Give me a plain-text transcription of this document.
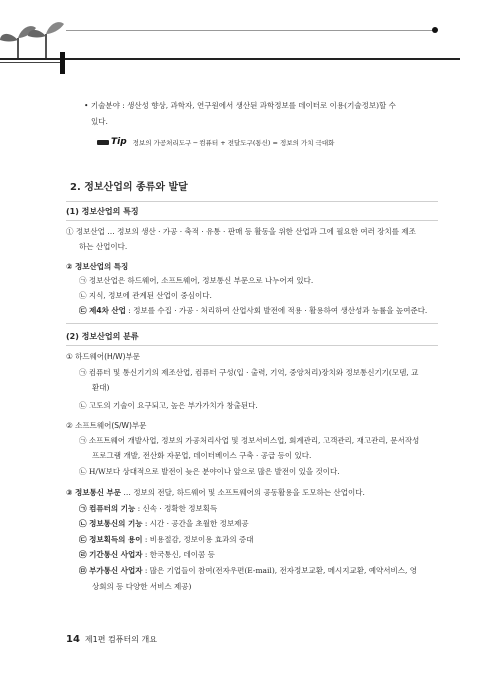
• 기술분야 : 생산성 향상, 과학자, 연구원에서 생산된 과학정보를 데이터로 이용(기술정보)할 수
있다.
Tip 정보의 가공처리도구 ─ 컴퓨터 + 전달도구(통신) = 정보의 가치 극대화
2. 정보산업의 종류와 발달
(1) 정보산업의 특징
① 정보산업 … 정보의 생산 · 가공 · 축적 · 유통 · 판매 등 활동을 위한 산업과 그에 필요한 여러 장치를 제조
하는 산업이다.
② 정보산업의 특징
㉠ 정보산업은 하드웨어, 소프트웨어, 정보통신 부문으로 나누어져 있다.
㉡ 지식, 정보에 관계된 산업이 중심이다.
㉢ 제4차 산업 : 정보를 수집 · 가공 · 처리하여 산업사회 발전에 적용 · 활용하여 생산성과 능률을 높여준다.
(2) 정보산업의 분류
① 하드웨어(H/W)부문
㉠ 컴퓨터 및 통신기기의 제조산업, 컴퓨터 구성(입 · 출력, 기억, 중앙처리)장치와 정보통신기기(모뎀, 교
환대)
㉡ 고도의 기술이 요구되고, 높은 부가가치가 창출된다.
② 소프트웨어(S/W)부문
㉠ 소프트웨어 개발사업, 정보의 가공처리사업 및 정보서비스업, 회계관리, 고객관리, 재고관리, 문서작성
프로그램 개발, 전산화 자문업, 데이터베이스 구축 · 공급 등이 있다.
㉡ H/W보다 상대적으로 발전이 늦은 분야이나 앞으로 많은 발전이 있을 것이다.
③ 정보통신 부문 … 정보의 전달, 하드웨어 및 소프트웨어의 공동활용을 도모하는 산업이다.
㉠ 컴퓨터의 기능 : 신속 · 정확한 정보획득
㉡ 정보통신의 기능 : 시간 · 공간을 초월한 정보제공
㉢ 정보획득의 용이 : 비용절감, 정보이용 효과의 증대
㉣ 기간통신 사업자 : 한국통신, 데이콤 등
㉤ 부가통신 사업자 : 많은 기업들이 참여(전자우편(E-mail), 전자정보교환, 메시지교환, 예약서비스, 영
상회의 등 다양한 서비스 제공)
14 제1편 컴퓨터의 개요
